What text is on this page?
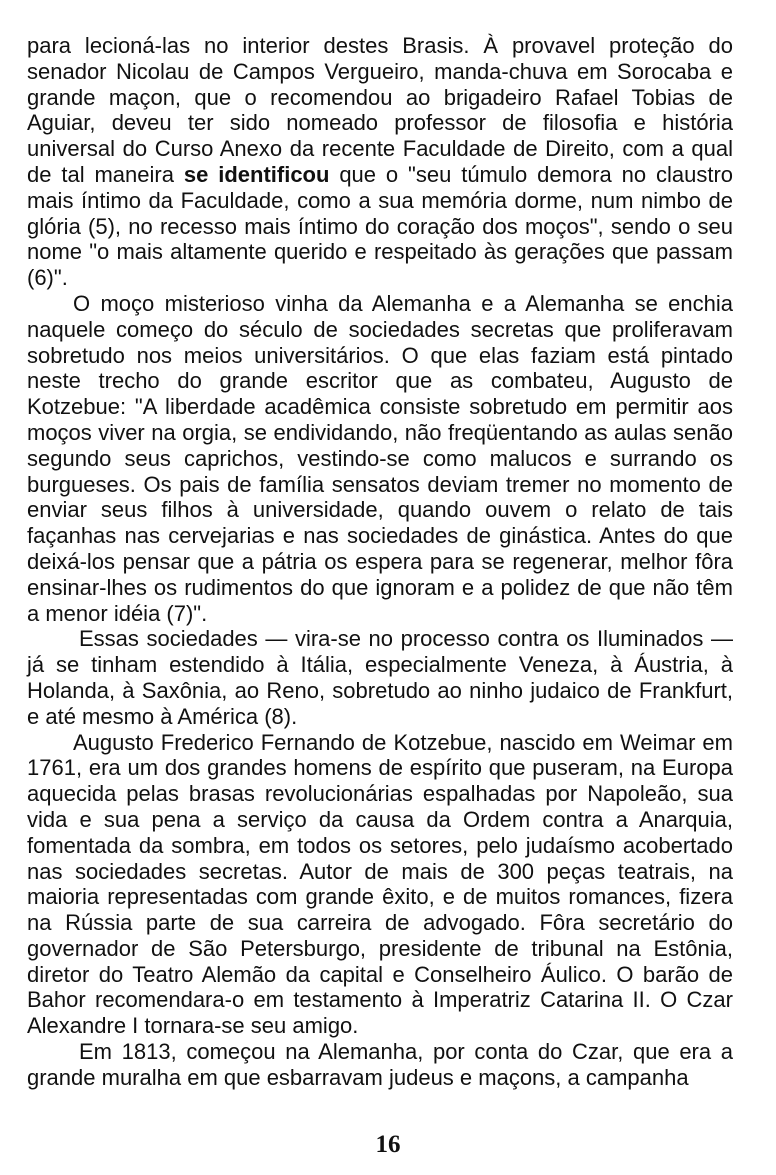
para lecioná-las no interior destes Brasis. À provavel proteção do senador Nicolau de Campos Vergueiro, manda-chuva em Sorocaba e grande maçon, que o recomendou ao brigadeiro Rafael Tobias de Aguiar, deveu ter sido nomeado professor de filosofia e história universal do Curso Anexo da recente Faculdade de Direito, com a qual de tal maneira se identificou que o "seu túmulo demora no claustro mais íntimo da Faculdade, como a sua memória dorme, num nimbo de glória (5), no recesso mais íntimo do coração dos moços", sendo o seu nome "o mais altamente querido e respeitado às gerações que passam (6)".

O moço misterioso vinha da Alemanha e a Alemanha se enchia naquele começo do século de sociedades secretas que proliferavam sobretudo nos meios universitários. O que elas faziam está pintado neste trecho do grande escritor que as combateu, Augusto de Kotzebue: "A liberdade acadêmica consiste sobretudo em permitir aos moços viver na orgia, se endividando, não freqüentando as aulas senão segundo seus caprichos, vestindo-se como malucos e surrando os burgueses. Os pais de família sensatos deviam tremer no momento de enviar seus filhos à universidade, quando ouvem o relato de tais façanhas nas cervejarias e nas sociedades de ginástica. Antes do que deixá-los pensar que a pátria os espera para se regenerar, melhor fôra ensinar-lhes os rudimentos do que ignoram e a polidez de que não têm a menor idéia (7)".

Essas sociedades — vira-se no processo contra os Iluminados — já se tinham estendido à Itália, especialmente Veneza, à Áustria, à Holanda, à Saxônia, ao Reno, sobretudo ao ninho judaico de Frankfurt, e até mesmo à América (8).

Augusto Frederico Fernando de Kotzebue, nascido em Weimar em 1761, era um dos grandes homens de espírito que puseram, na Europa aquecida pelas brasas revolucionárias espalhadas por Napoleão, sua vida e sua pena a serviço da causa da Ordem contra a Anarquia, fomentada da sombra, em todos os setores, pelo judaísmo acobertado nas sociedades secretas. Autor de mais de 300 peças teatrais, na maioria representadas com grande êxito, e de muitos romances, fizera na Rússia parte de sua carreira de advogado. Fôra secretário do governador de São Petersburgo, presidente de tribunal na Estônia, diretor do Teatro Alemão da capital e Conselheiro Áulico. O barão de Bahor recomendara-o em testamento à Imperatriz Catarina II. O Czar Alexandre I tornara-se seu amigo.

Em 1813, começou na Alemanha, por conta do Czar, que era a grande muralha em que esbarravam judeus e maçons, a campanha

16
